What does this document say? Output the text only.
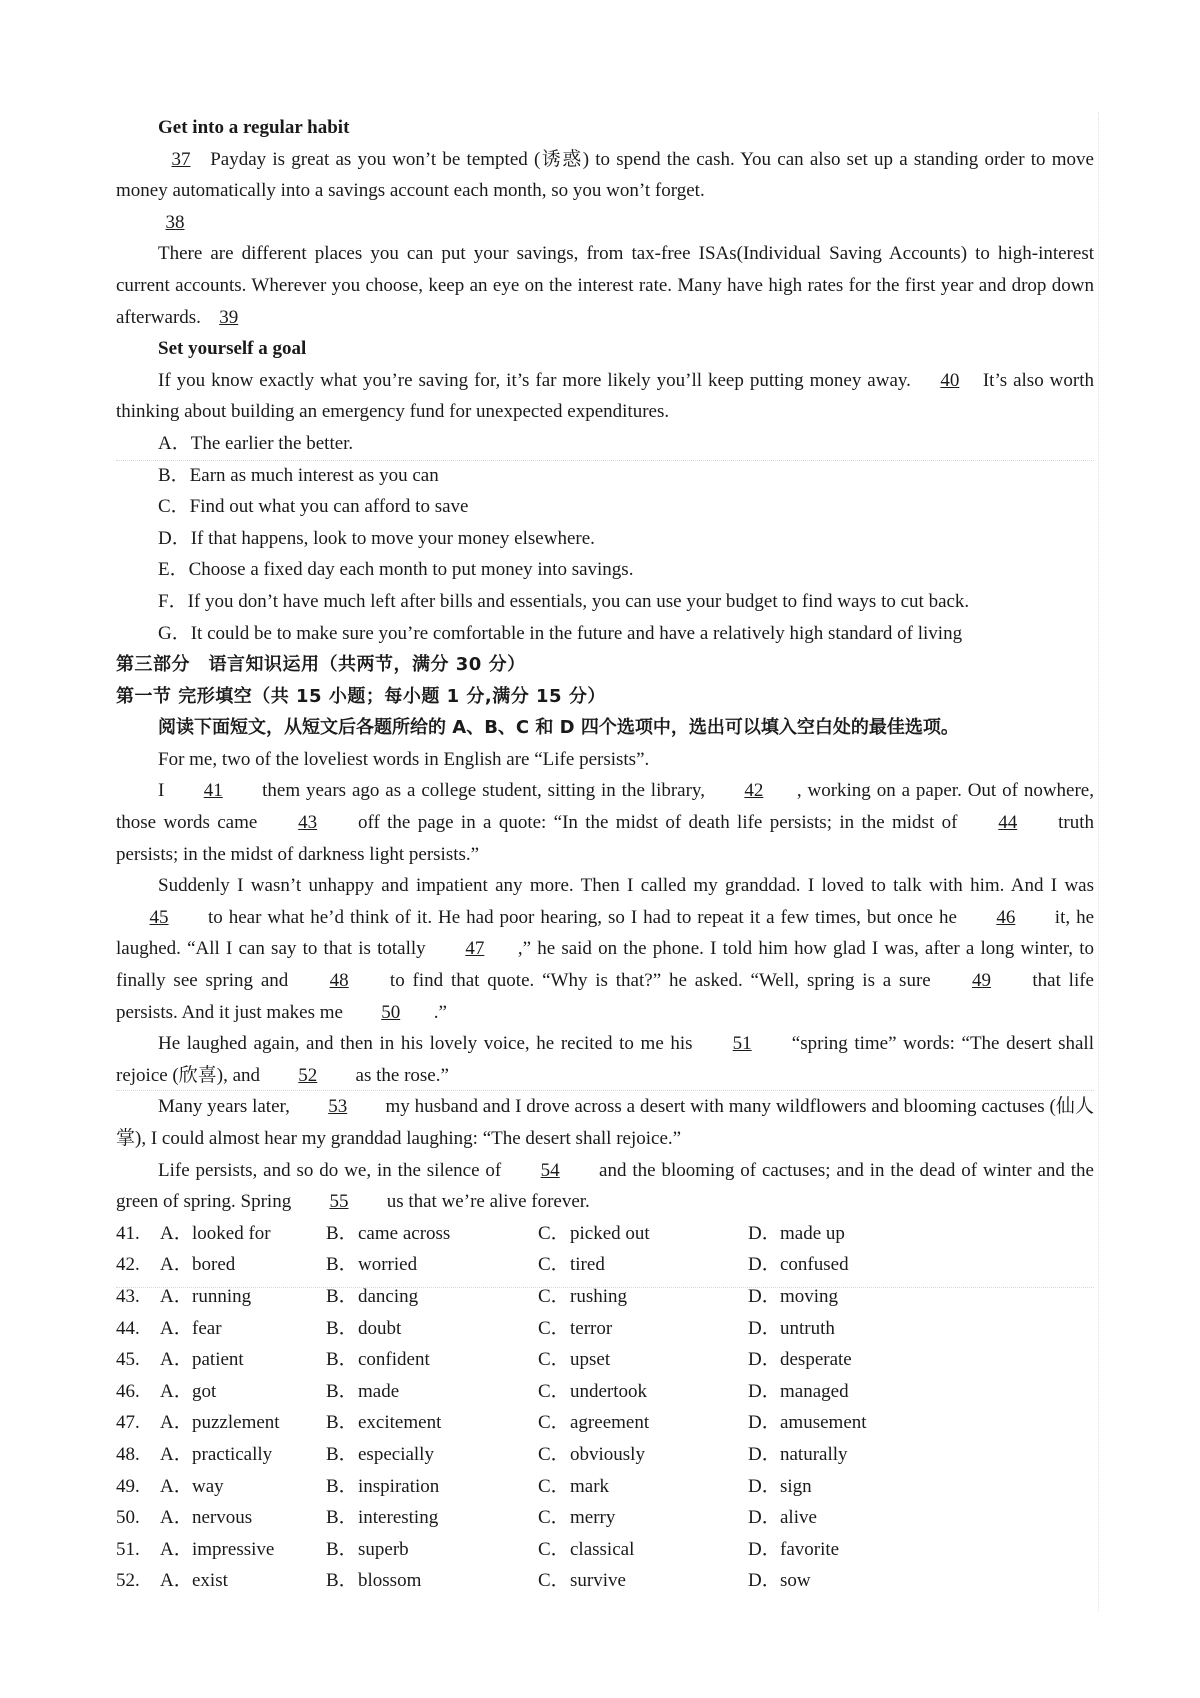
Get into a regular habit

37 Payday is great as you won’t be tempted (诱惑) to spend the cash. You can also set up a standing order to move money automatically into a savings account each month, so you won’t forget.

38

There are different places you can put your savings, from tax-free ISAs(Individual Saving Accounts) to high-interest current accounts. Wherever you choose, keep an eye on the interest rate. Many have high rates for the first year and drop down afterwards. 39

Set yourself a goal

If you know exactly what you’re saving for, it’s far more likely you’ll keep putting money away. 40 It’s also worth thinking about building an emergency fund for unexpected expenditures.

A．The earlier the better.

B．Earn as much interest as you can

C．Find out what you can afford to save

D．If that happens, look to move your money elsewhere.

E．Choose a fixed day each month to put money into savings.

F．If you don’t have much left after bills and essentials, you can use your budget to find ways to cut back.

G．It could be to make sure you’re comfortable in the future and have a relatively high standard of living

第三部分　语言知识运用（共两节，满分 30 分）

第一节 完形填空（共 15 小题；每小题 1 分,满分 15 分）

阅读下面短文，从短文后各题所给的 A、B、C 和 D 四个选项中，选出可以填入空白处的最佳选项。

For me, two of the loveliest words in English are “Life persists”.

I 41 them years ago as a college student, sitting in the library, 42 , working on a paper. Out of nowhere, those words came 43 off the page in a quote: “In the midst of death life persists; in the midst of 44 truth persists; in the midst of darkness light persists.”

Suddenly I wasn’t unhappy and impatient any more. Then I called my granddad. I loved to talk with him. And I was 45 to hear what he’d think of it. He had poor hearing, so I had to repeat it a few times, but once he 46 it, he laughed. “All I can say to that is totally 47 ,” he said on the phone. I told him how glad I was, after a long winter, to finally see spring and 48 to find that quote. “Why is that?” he asked. “Well, spring is a sure 49 that life persists. And it just makes me 50 .”

He laughed again, and then in his lovely voice, he recited to me his 51 “spring time” words: “The desert shall rejoice (欣喜), and 52 as the rose.”

Many years later, 53 my husband and I drove across a desert with many wildflowers and blooming cactuses (仙人掌), I could almost hear my granddad laughing: “The desert shall rejoice.”

Life persists, and so do we, in the silence of 54 and the blooming of cactuses; and in the dead of winter and the green of spring. Spring 55 us that we’re alive forever.

41.	A． looked for	B． came across	C． picked out	D． made up
42.	A． bored	B． worried	C． tired	D． confused
43.	A． running	B． dancing	C． rushing	D． moving
44.	A． fear	B． doubt	C． terror	D． untruth
45.	A． patient	B． confident	C． upset	D． desperate
46.	A． got	B． made	C． undertook	D． managed
47.	A． puzzlement B． excitement	C． agreement	D． amusement
48.	A． practically	B． especially	C． obviously	D． naturally
49.	A． way	B． inspiration	C． mark	D． sign
50.	A． nervous	B． interesting	C． merry	D． alive
51.	A． impressive	B． superb	C． classical	D． favorite
52.	A． exist	B． blossom	C． survive	D． sow
